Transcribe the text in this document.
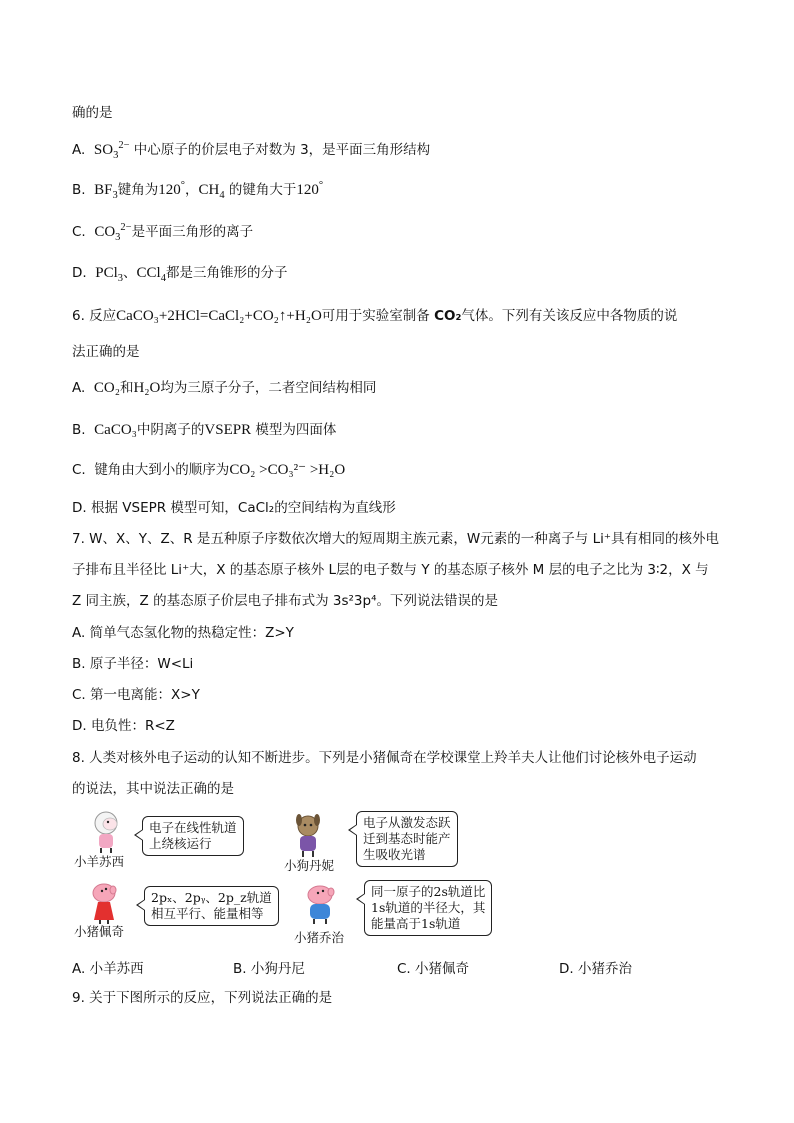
确的是
A. $SO_3^{2-}$ 中心原子的价层电子对数为 3，是平面三角形结构
B. $BF_3$键角为120°，$CH_4$ 的键角大于120°
C. $CO_3^{2-}$是平面三角形的离子
D. PCl$_3$、CCl$_4$都是三角锥形的分子
6. 反应CaCO₃+2HCl=CaCl₂+CO₂↑+H₂O可用于实验室制备 CO₂气体。下列有关该反应中各物质的说
法正确的是
A. CO₂和H₂O均为三原子分子，二者空间结构相同
B. CaCO₃中阴离子的VSEPR 模型为四面体
C. 键角由大到小的顺序为CO₂ >CO₃²⁻ >H₂O
D. 根据 VSEPR 模型可知，CaCl₂的空间结构为直线形
7. W、X、Y、Z、R 是五种原子序数依次增大的短周期主族元素，W元素的一种离子与 Li⁺具有相同的核外电
子排布且半径比 Li⁺大，X 的基态原子核外 L层的电子数与 Y 的基态原子核外 M 层的电子之比为 3∶2，X 与
Z 同主族，Z 的基态原子价层电子排布式为 3s²3p⁴。下列说法错误的是
A. 简单气态氢化物的热稳定性：Z>Y
B. 原子半径：W<Li
C. 第一电离能：X>Y
D. 电负性：R<Z
8. 人类对核外电子运动的认知不断进步。下列是小猪佩奇在学校课堂上羚羊夫人让他们讨论核外电子运动
的说法，其中说法正确的是
小羊苏西
电子在线性轨道
上绕核运行
小狗丹妮
电子从激发态跃
迁到基态时能产
生吸收光谱
小猪佩奇
2pₓ、2pᵧ、2p_z轨道
相互平行、能量相等
小猪乔治
同一原子的2s轨道比
1s轨道的半径大，其
能量高于1s轨道
A. 小羊苏西	B. 小狗丹尼	C. 小猪佩奇	D. 小猪乔治
9. 关于下图所示的反应，下列说法正确的是
